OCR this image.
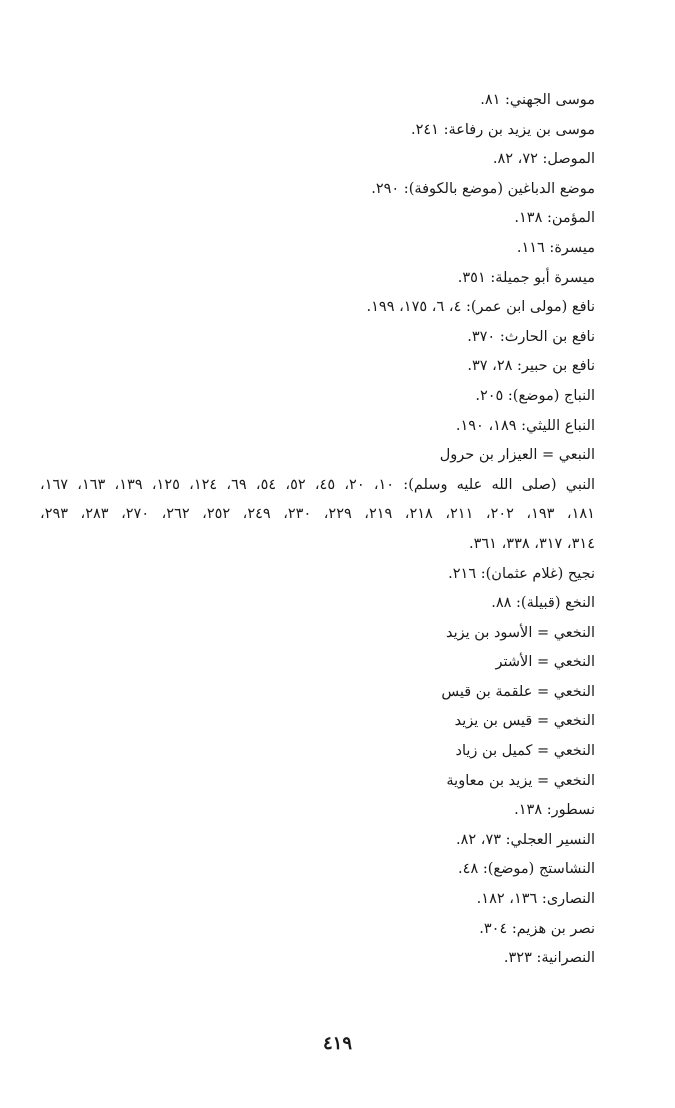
موسى الجهني: ٨١.
موسى بن يزيد بن رفاعة: ٢٤١.
الموصل: ٧٢، ٨٢.
موضع الدباغين (موضع بالكوفة): ٢٩٠.
المؤمن: ١٣٨.
ميسرة: ١١٦.
ميسرة أبو جميلة: ٣٥١.
نافع (مولى ابن عمر): ٤، ٦، ١٧٥، ١٩٩.
نافع بن الحارث: ٣٧٠.
نافع بن حبير: ٢٨، ٣٧.
النباج (موضع): ٢٠٥.
النباع الليثي: ١٨٩، ١٩٠.
النبعي = العيزار بن حرول
النبي (صلى الله عليه وسلم): ١٠، ٢٠، ٤٥، ٥٢، ٥٤، ٦٩، ١٢٤، ١٢٥، ١٣٩، ١٦٣، ١٦٧،
١٨١، ١٩٣، ٢٠٢، ٢١١، ٢١٨، ٢١٩، ٢٢٩، ٢٣٠، ٢٤٩، ٢٥٢، ٢٦٢، ٢٧٠، ٢٨٣، ٢٩٣،
٣١٤، ٣١٧، ٣٣٨، ٣٦١.
نجيح (غلام عثمان): ٢١٦.
النخع (قبيلة): ٨٨.
النخعي = الأسود بن يزيد
النخعي = الأشتر
النخعي = علقمة بن قيس
النخعي = قيس بن يزيد
النخعي = كميل بن زياد
النخعي = يزيد بن معاوية
نسطور: ١٣٨.
النسير العجلي: ٧٣، ٨٢.
النشاستج (موضع): ٤٨.
النصارى: ١٣٦، ١٨٢.
نصر بن هزيم: ٣٠٤.
النصرانية: ٣٢٣.
٤١٩
